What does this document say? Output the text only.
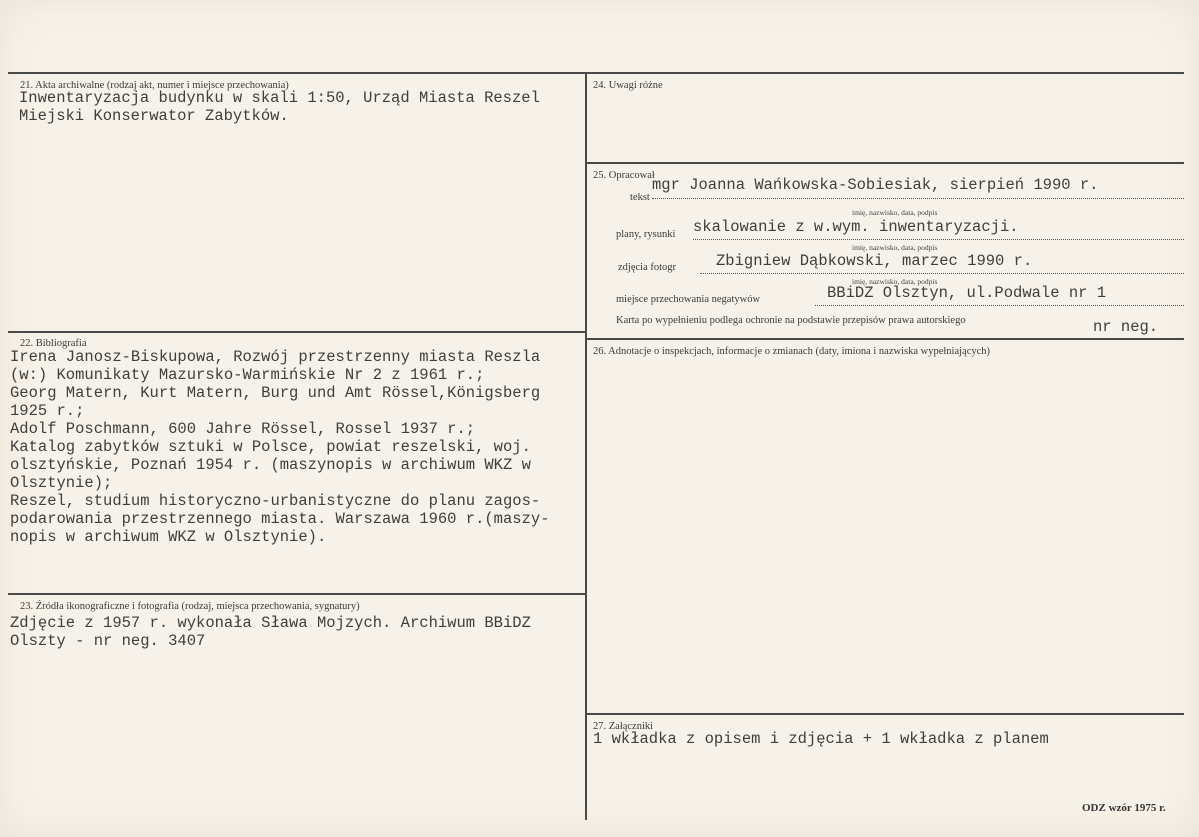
21. Akta archiwalne (rodzaj akt, numer i miejsce przechowania)
Inwentaryzacja budynku w skali 1:50, Urząd Miasta Reszel
Miejski Konserwator Zabytków.
22. Bibliografia
Irena Janosz-Biskupowa, Rozwój przestrzenny miasta Reszla
(w:) Komunikaty Mazursko-Warmińskie Nr 2 z 1961 r.;
Georg Matern, Kurt Matern, Burg und Amt Rössel,Königsberg
1925 r.;
Adolf Poschmann, 600 Jahre Rössel, Rossel 1937 r.;
Katalog zabytków sztuki w Polsce, powiat reszelski, woj.
olsztyńskie, Poznań 1954 r. (maszynopis w archiwum WKZ w
Olsztynie);
Reszel, studium historyczno-urbanistyczne do planu zagos-
podarowania przestrzennego miasta. Warszawa 1960 r.(maszy-
nopis w archiwum WKZ w Olsztynie).
23. Źródła ikonograficzne i fotografia (rodzaj, miejsca przechowania, sygnatury)
Zdjęcie z 1957 r. wykonała Sława Mojzych. Archiwum BBiDZ
Olszty - nr neg. 3407
24. Uwagi różne
25. Opracował
tekst
mgr Joanna Wańkowska-Sobiesiak, sierpień 1990 r.
imię, nazwisko, data, podpis
plany, rysunki skalowanie z w.wym. inwentaryzacji.
imię, nazwisko, data, podpis
zdjęcia fotogr	Zbigniew Dąbkowski, marzec 1990 r.
imię, nazwisko, data, podpis
miejsce przechowania negatywów	BBiDZ Olsztyn, ul.Podwale nr 1
Karta po wypełnieniu podlega ochronie na podstawie przepisów prawa autorskiego	nr neg.
26. Adnotacje o inspekcjach, informacje o zmianach (daty, imiona i nazwiska wypełniających)
27. Załączniki
1 wkładka z opisem i zdjęcia + 1 wkładka z planem
ODZ wzór 1975 r.
